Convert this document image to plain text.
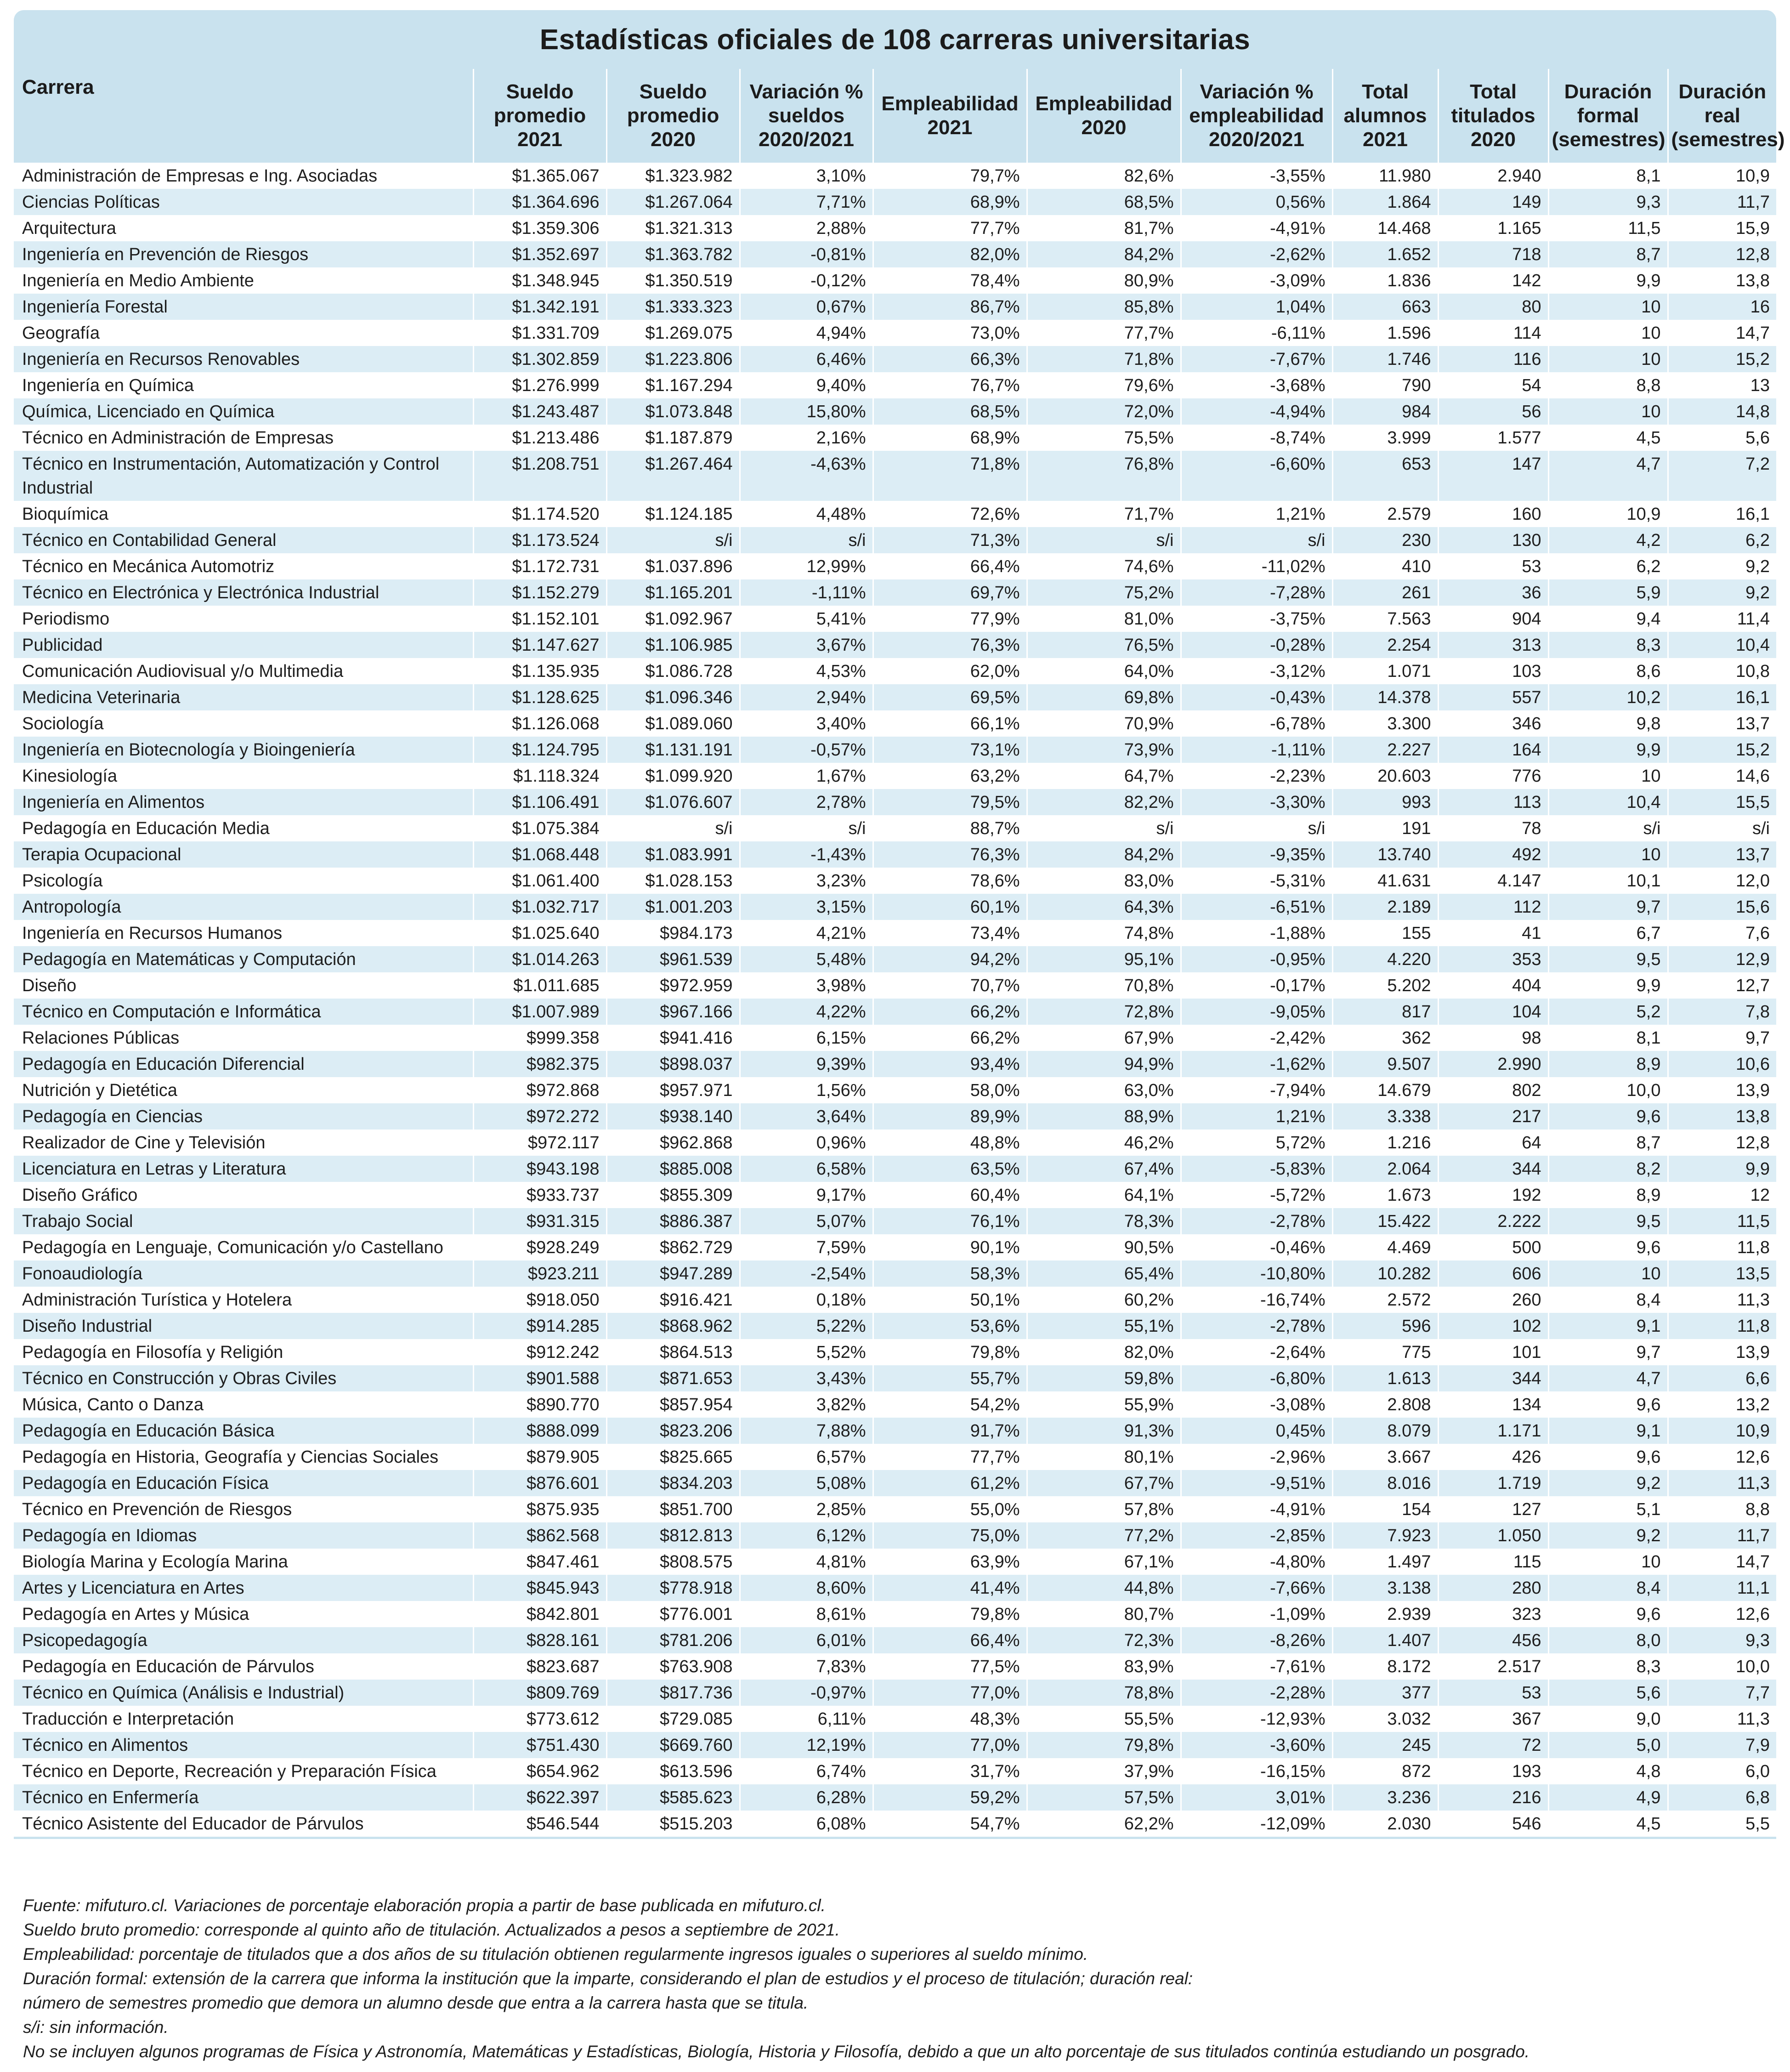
Estadísticas oficiales de 108 carreras universitarias
Carrera	Sueldo promedio 2021	Sueldo promedio 2020	Variación % sueldos 2020/2021	Empleabilidad 2021	Empleabilidad 2020	Variación % empleabilidad 2020/2021	Total alumnos 2021	Total titulados 2020	Duración formal (semestres)	Duración real (semestres)
Administración de Empresas e Ing. Asociadas	$1.365.067	$1.323.982	3,10%	79,7%	82,6%	-3,55%	11.980	2.940	8,1	10,9
Ciencias Políticas	$1.364.696	$1.267.064	7,71%	68,9%	68,5%	0,56%	1.864	149	9,3	11,7
Arquitectura	$1.359.306	$1.321.313	2,88%	77,7%	81,7%	-4,91%	14.468	1.165	11,5	15,9
Ingeniería en Prevención de Riesgos	$1.352.697	$1.363.782	-0,81%	82,0%	84,2%	-2,62%	1.652	718	8,7	12,8
Ingeniería en Medio Ambiente	$1.348.945	$1.350.519	-0,12%	78,4%	80,9%	-3,09%	1.836	142	9,9	13,8
Ingeniería Forestal	$1.342.191	$1.333.323	0,67%	86,7%	85,8%	1,04%	663	80	10	16
Geografía	$1.331.709	$1.269.075	4,94%	73,0%	77,7%	-6,11%	1.596	114	10	14,7
Ingeniería en Recursos Renovables	$1.302.859	$1.223.806	6,46%	66,3%	71,8%	-7,67%	1.746	116	10	15,2
Ingeniería en Química	$1.276.999	$1.167.294	9,40%	76,7%	79,6%	-3,68%	790	54	8,8	13
Química, Licenciado en Química	$1.243.487	$1.073.848	15,80%	68,5%	72,0%	-4,94%	984	56	10	14,8
Técnico en Administración de Empresas	$1.213.486	$1.187.879	2,16%	68,9%	75,5%	-8,74%	3.999	1.577	4,5	5,6
Técnico en Instrumentación, Automatización y Control Industrial	$1.208.751	$1.267.464	-4,63%	71,8%	76,8%	-6,60%	653	147	4,7	7,2
Bioquímica	$1.174.520	$1.124.185	4,48%	72,6%	71,7%	1,21%	2.579	160	10,9	16,1
Técnico en Contabilidad General	$1.173.524	s/i	s/i	71,3%	s/i	s/i	230	130	4,2	6,2
Técnico en Mecánica Automotriz	$1.172.731	$1.037.896	12,99%	66,4%	74,6%	-11,02%	410	53	6,2	9,2
Técnico en Electrónica y Electrónica Industrial	$1.152.279	$1.165.201	-1,11%	69,7%	75,2%	-7,28%	261	36	5,9	9,2
Periodismo	$1.152.101	$1.092.967	5,41%	77,9%	81,0%	-3,75%	7.563	904	9,4	11,4
Publicidad	$1.147.627	$1.106.985	3,67%	76,3%	76,5%	-0,28%	2.254	313	8,3	10,4
Comunicación Audiovisual y/o Multimedia	$1.135.935	$1.086.728	4,53%	62,0%	64,0%	-3,12%	1.071	103	8,6	10,8
Medicina Veterinaria	$1.128.625	$1.096.346	2,94%	69,5%	69,8%	-0,43%	14.378	557	10,2	16,1
Sociología	$1.126.068	$1.089.060	3,40%	66,1%	70,9%	-6,78%	3.300	346	9,8	13,7
Ingeniería en Biotecnología y Bioingeniería	$1.124.795	$1.131.191	-0,57%	73,1%	73,9%	-1,11%	2.227	164	9,9	15,2
Kinesiología	$1.118.324	$1.099.920	1,67%	63,2%	64,7%	-2,23%	20.603	776	10	14,6
Ingeniería en Alimentos	$1.106.491	$1.076.607	2,78%	79,5%	82,2%	-3,30%	993	113	10,4	15,5
Pedagogía en Educación Media	$1.075.384	s/i	s/i	88,7%	s/i	s/i	191	78	s/i	s/i
Terapia Ocupacional	$1.068.448	$1.083.991	-1,43%	76,3%	84,2%	-9,35%	13.740	492	10	13,7
Psicología	$1.061.400	$1.028.153	3,23%	78,6%	83,0%	-5,31%	41.631	4.147	10,1	12,0
Antropología	$1.032.717	$1.001.203	3,15%	60,1%	64,3%	-6,51%	2.189	112	9,7	15,6
Ingeniería en Recursos Humanos	$1.025.640	$984.173	4,21%	73,4%	74,8%	-1,88%	155	41	6,7	7,6
Pedagogía en Matemáticas y Computación	$1.014.263	$961.539	5,48%	94,2%	95,1%	-0,95%	4.220	353	9,5	12,9
Diseño	$1.011.685	$972.959	3,98%	70,7%	70,8%	-0,17%	5.202	404	9,9	12,7
Técnico en Computación e Informática	$1.007.989	$967.166	4,22%	66,2%	72,8%	-9,05%	817	104	5,2	7,8
Relaciones Públicas	$999.358	$941.416	6,15%	66,2%	67,9%	-2,42%	362	98	8,1	9,7
Pedagogía en Educación Diferencial	$982.375	$898.037	9,39%	93,4%	94,9%	-1,62%	9.507	2.990	8,9	10,6
Nutrición y Dietética	$972.868	$957.971	1,56%	58,0%	63,0%	-7,94%	14.679	802	10,0	13,9
Pedagogía en Ciencias	$972.272	$938.140	3,64%	89,9%	88,9%	1,21%	3.338	217	9,6	13,8
Realizador de Cine y Televisión	$972.117	$962.868	0,96%	48,8%	46,2%	5,72%	1.216	64	8,7	12,8
Licenciatura en Letras y Literatura	$943.198	$885.008	6,58%	63,5%	67,4%	-5,83%	2.064	344	8,2	9,9
Diseño Gráfico	$933.737	$855.309	9,17%	60,4%	64,1%	-5,72%	1.673	192	8,9	12
Trabajo Social	$931.315	$886.387	5,07%	76,1%	78,3%	-2,78%	15.422	2.222	9,5	11,5
Pedagogía en Lenguaje, Comunicación y/o Castellano	$928.249	$862.729	7,59%	90,1%	90,5%	-0,46%	4.469	500	9,6	11,8
Fonoaudiología	$923.211	$947.289	-2,54%	58,3%	65,4%	-10,80%	10.282	606	10	13,5
Administración Turística y Hotelera	$918.050	$916.421	0,18%	50,1%	60,2%	-16,74%	2.572	260	8,4	11,3
Diseño Industrial	$914.285	$868.962	5,22%	53,6%	55,1%	-2,78%	596	102	9,1	11,8
Pedagogía en Filosofía y Religión	$912.242	$864.513	5,52%	79,8%	82,0%	-2,64%	775	101	9,7	13,9
Técnico en Construcción y Obras Civiles	$901.588	$871.653	3,43%	55,7%	59,8%	-6,80%	1.613	344	4,7	6,6
Música, Canto o Danza	$890.770	$857.954	3,82%	54,2%	55,9%	-3,08%	2.808	134	9,6	13,2
Pedagogía en Educación Básica	$888.099	$823.206	7,88%	91,7%	91,3%	0,45%	8.079	1.171	9,1	10,9
Pedagogía en Historia, Geografía y Ciencias Sociales	$879.905	$825.665	6,57%	77,7%	80,1%	-2,96%	3.667	426	9,6	12,6
Pedagogía en Educación Física	$876.601	$834.203	5,08%	61,2%	67,7%	-9,51%	8.016	1.719	9,2	11,3
Técnico en Prevención de Riesgos	$875.935	$851.700	2,85%	55,0%	57,8%	-4,91%	154	127	5,1	8,8
Pedagogía en Idiomas	$862.568	$812.813	6,12%	75,0%	77,2%	-2,85%	7.923	1.050	9,2	11,7
Biología Marina y Ecología Marina	$847.461	$808.575	4,81%	63,9%	67,1%	-4,80%	1.497	115	10	14,7
Artes y Licenciatura en Artes	$845.943	$778.918	8,60%	41,4%	44,8%	-7,66%	3.138	280	8,4	11,1
Pedagogía en Artes y Música	$842.801	$776.001	8,61%	79,8%	80,7%	-1,09%	2.939	323	9,6	12,6
Psicopedagogía	$828.161	$781.206	6,01%	66,4%	72,3%	-8,26%	1.407	456	8,0	9,3
Pedagogía en Educación de Párvulos	$823.687	$763.908	7,83%	77,5%	83,9%	-7,61%	8.172	2.517	8,3	10,0
Técnico en Química (Análisis e Industrial)	$809.769	$817.736	-0,97%	77,0%	78,8%	-2,28%	377	53	5,6	7,7
Traducción e Interpretación	$773.612	$729.085	6,11%	48,3%	55,5%	-12,93%	3.032	367	9,0	11,3
Técnico en Alimentos	$751.430	$669.760	12,19%	77,0%	79,8%	-3,60%	245	72	5,0	7,9
Técnico en Deporte, Recreación y Preparación Física	$654.962	$613.596	6,74%	31,7%	37,9%	-16,15%	872	193	4,8	6,0
Técnico en Enfermería	$622.397	$585.623	6,28%	59,2%	57,5%	3,01%	3.236	216	4,9	6,8
Técnico Asistente del Educador de Párvulos	$546.544	$515.203	6,08%	54,7%	62,2%	-12,09%	2.030	546	4,5	5,5

Fuente: mifuturo.cl. Variaciones de porcentaje elaboración propia a partir de base publicada en mifuturo.cl.

Sueldo bruto promedio: corresponde al quinto año de titulación. Actualizados a pesos a septiembre de 2021.

Empleabilidad: porcentaje de titulados que a dos años de su titulación obtienen regularmente ingresos iguales o superiores al sueldo mínimo.

Duración formal: extensión de la carrera que informa la institución que la imparte, considerando el plan de estudios y el proceso de titulación; duración real:

número de semestres promedio que demora un alumno desde que entra a la carrera hasta que se titula.

s/i: sin información.

No se incluyen algunos programas de Física y Astronomía, Matemáticas y Estadísticas, Biología, Historia y Filosofía, debido a que un alto porcentaje de sus titulados continúa estudiando un posgrado.
